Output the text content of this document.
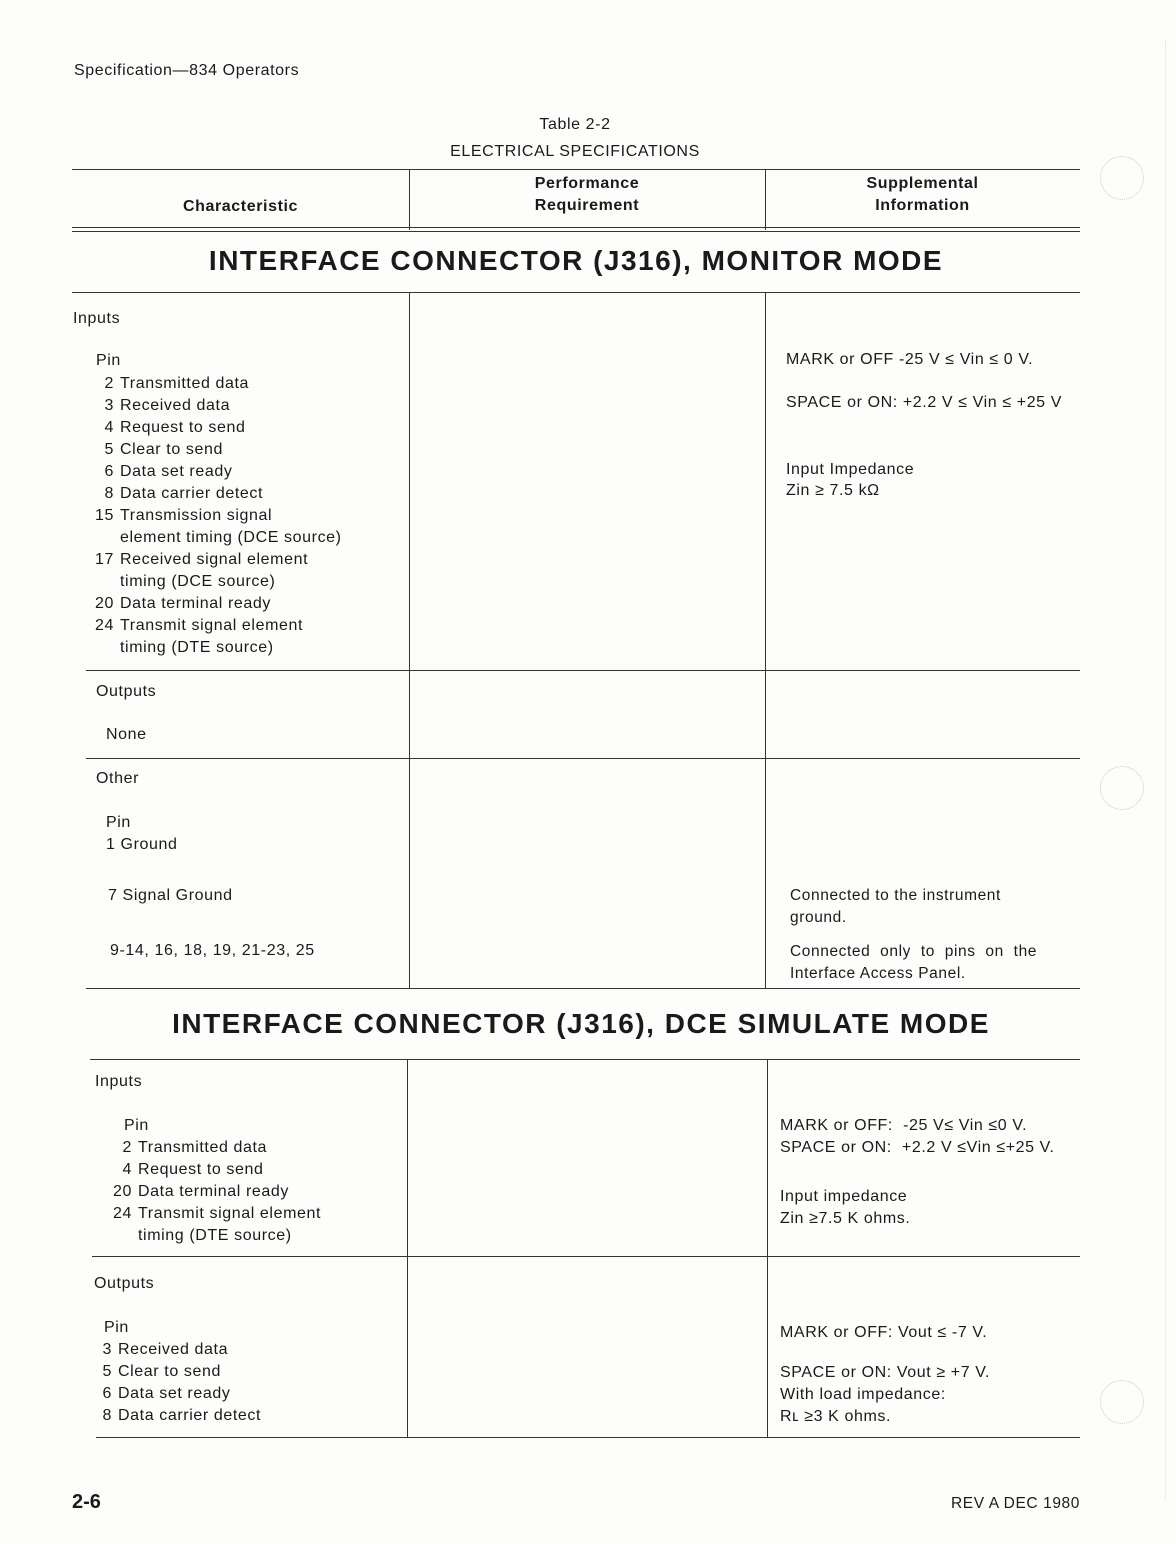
Specification—834 Operators
Table 2-2
ELECTRICAL SPECIFICATIONS
Characteristic
Performance
Requirement
Supplemental
Information
INTERFACE CONNECTOR (J316), MONITOR MODE
Inputs
Pin
2 Transmitted data
3 Received data
4 Request to send
5 Clear to send
6 Data set ready
8 Data carrier detect
15 Transmission signal
element timing (DCE source)
17 Received signal element
timing (DCE source)
20 Data terminal ready
24 Transmit signal element
timing (DTE source)
MARK or OFF -25 V ≤ Vin ≤ 0 V.
SPACE or ON: +2.2 V ≤ Vin ≤ +25 V
Input Impedance
Zin ≥ 7.5 kΩ
Outputs
None
Other
Pin
1 Ground
7 Signal Ground
9-14, 16, 18, 19, 21-23, 25
Connected to the instrument
ground.
Connected  only  to  pins  on  the
Interface Access Panel.
INTERFACE CONNECTOR (J316), DCE SIMULATE MODE
Inputs
Pin
2 Transmitted data
4 Request to send
20 Data terminal ready
24 Transmit signal element
timing (DTE source)
MARK or OFF:  -25 V≤ Vin ≤0 V.
SPACE or ON:  +2.2 V ≤Vin ≤+25 V.
Input impedance
Zin ≥7.5 K ohms.
Outputs
Pin
3 Received data
5 Clear to send
6 Data set ready
8 Data carrier detect
MARK or OFF: Vout ≤ -7 V.
SPACE or ON: Vout ≥ +7 V.
With load impedance:
Rʟ ≥3 K ohms.
2-6	REV A DEC 1980
